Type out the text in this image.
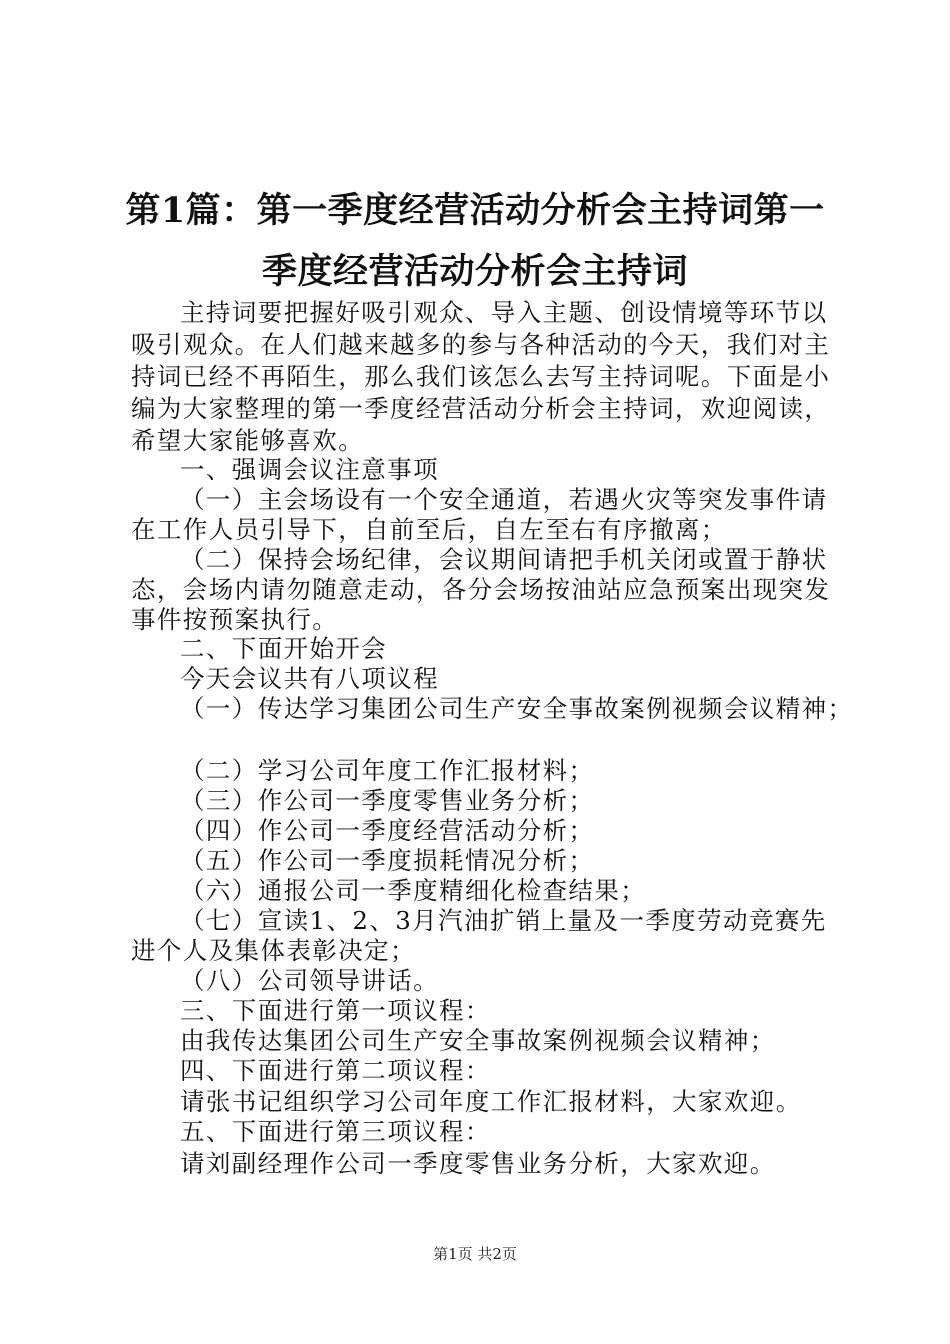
第1篇：第一季度经营活动分析会主持词第一
季度经营活动分析会主持词
主持词要把握好吸引观众、导入主题、创设情境等环节以
吸引观众。在人们越来越多的参与各种活动的今天，我们对主
持词已经不再陌生，那么我们该怎么去写主持词呢。下面是小
编为大家整理的第一季度经营活动分析会主持词，欢迎阅读，
希望大家能够喜欢。
一、强调会议注意事项
（一）主会场设有一个安全通道，若遇火灾等突发事件请
在工作人员引导下，自前至后，自左至右有序撤离；
（二）保持会场纪律，会议期间请把手机关闭或置于静状
态，会场内请勿随意走动，各分会场按油站应急预案出现突发
事件按预案执行。
二、下面开始开会
今天会议共有八项议程
（一）传达学习集团公司生产安全事故案例视频会议精神；
（二）学习公司年度工作汇报材料；
（三）作公司一季度零售业务分析；
（四）作公司一季度经营活动分析；
（五）作公司一季度损耗情况分析；
（六）通报公司一季度精细化检查结果；
（七）宣读1、2、3月汽油扩销上量及一季度劳动竞赛先
进个人及集体表彰决定；
（八）公司领导讲话。
三、下面进行第一项议程：
由我传达集团公司生产安全事故案例视频会议精神；
四、下面进行第二项议程：
请张书记组织学习公司年度工作汇报材料，大家欢迎。
五、下面进行第三项议程：
请刘副经理作公司一季度零售业务分析，大家欢迎。
第1页 共2页
